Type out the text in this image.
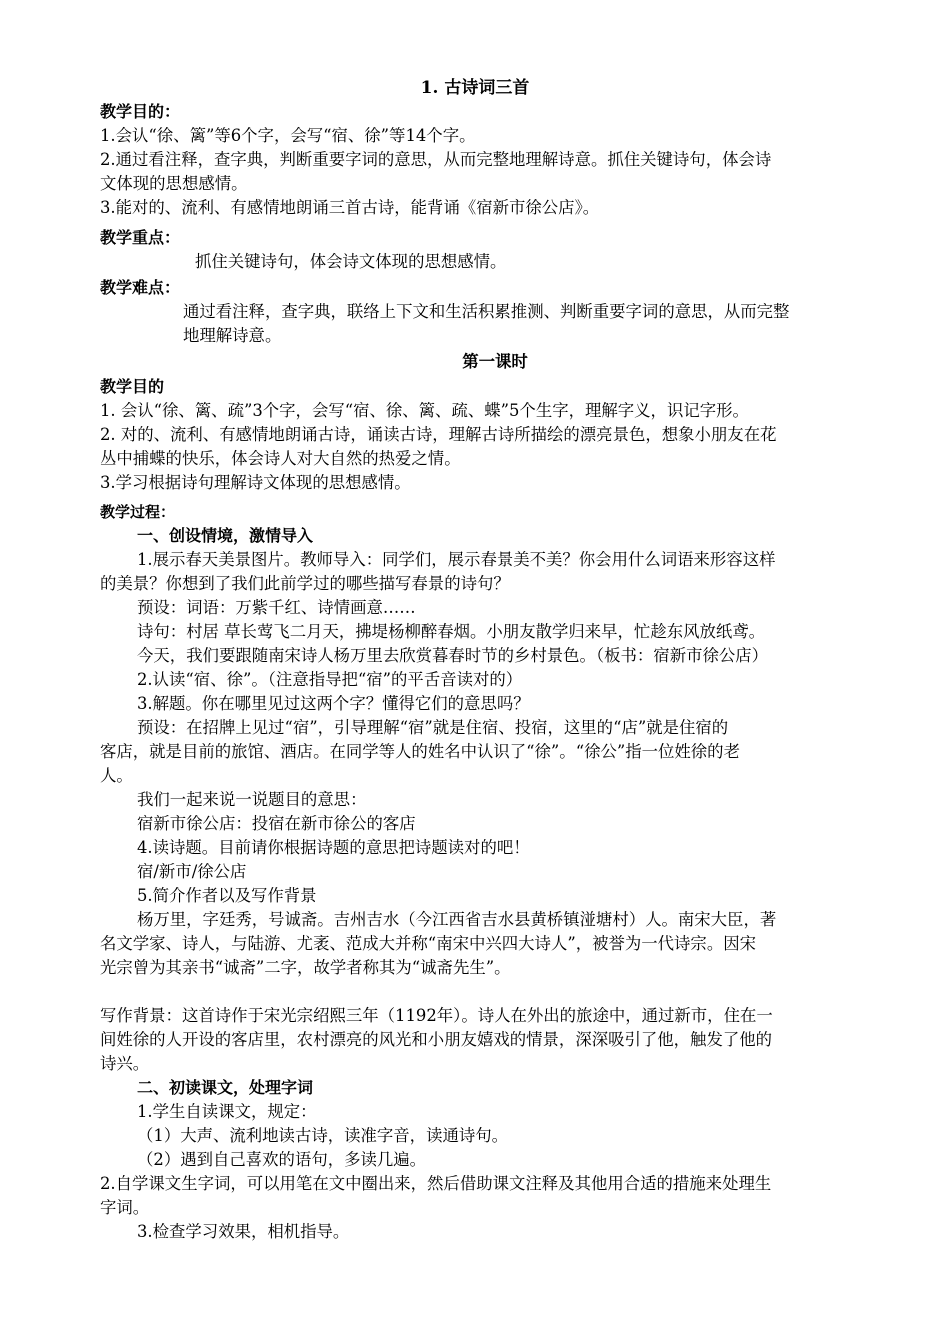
1. 古诗词三首
教学目的：
1.会认“徐、篱”等6个字，会写“宿、徐”等14个字。
2.通过看注释，查字典，判断重要字词的意思，从而完整地理解诗意。抓住关键诗句，体会诗
文体现的思想感情。
3.能对的、流利、有感情地朗诵三首古诗，能背诵《宿新市徐公店》。
教学重点：
抓住关键诗句，体会诗文体现的思想感情。
教学难点：
通过看注释，查字典，联络上下文和生活积累推测、判断重要字词的意思，从而完整
地理解诗意。
第一课时
教学目的
1. 会认“徐、篱、疏”3个字，会写“宿、徐、篱、疏、蝶”5个生字，理解字义，识记字形。
2. 对的、流利、有感情地朗诵古诗，诵读古诗，理解古诗所描绘的漂亮景色，想象小朋友在花
丛中捕蝶的快乐，体会诗人对大自然的热爱之情。
3.学习根据诗句理解诗文体现的思想感情。
教学过程：
一、创设情境，激情导入
1.展示春天美景图片。教师导入：同学们，展示春景美不美？你会用什么词语来形容这样
的美景？你想到了我们此前学过的哪些描写春景的诗句？
预设：词语：万紫千红、诗情画意……
诗句：村居 草长莺飞二月天，拂堤杨柳醉春烟。小朋友散学归来早，忙趁东风放纸鸢。
今天，我们要跟随南宋诗人杨万里去欣赏暮春时节的乡村景色。（板书：宿新市徐公店）
2.认读“宿、徐”。（注意指导把“宿”的平舌音读对的）
3.解题。你在哪里见过这两个字？懂得它们的意思吗？
预设：在招牌上见过“宿”，引导理解“宿”就是住宿、投宿，这里的“店”就是住宿的
客店，就是目前的旅馆、酒店。在同学等人的姓名中认识了“徐”。“徐公”指一位姓徐的老
人。
我们一起来说一说题目的意思：
宿新市徐公店：投宿在新市徐公的客店
4.读诗题。目前请你根据诗题的意思把诗题读对的吧！
宿/新市/徐公店
5.简介作者以及写作背景
杨万里，字廷秀，号诚斋。吉州吉水（今江西省吉水县黄桥镇湴塘村）人。南宋大臣，著
名文学家、诗人，与陆游、尤袤、范成大并称“南宋中兴四大诗人”，被誉为一代诗宗。因宋
光宗曾为其亲书“诚斋”二字，故学者称其为“诚斋先生”。
写作背景：这首诗作于宋光宗绍熙三年（1192年）。诗人在外出的旅途中，通过新市，住在一
间姓徐的人开设的客店里，农村漂亮的风光和小朋友嬉戏的情景，深深吸引了他，触发了他的
诗兴。
二、初读课文，处理字词
1.学生自读课文，规定：
（1）大声、流利地读古诗，读准字音，读通诗句。
（2）遇到自己喜欢的语句，多读几遍。
2.自学课文生字词，可以用笔在文中圈出来，然后借助课文注释及其他用合适的措施来处理生
字词。
3.检查学习效果，相机指导。
